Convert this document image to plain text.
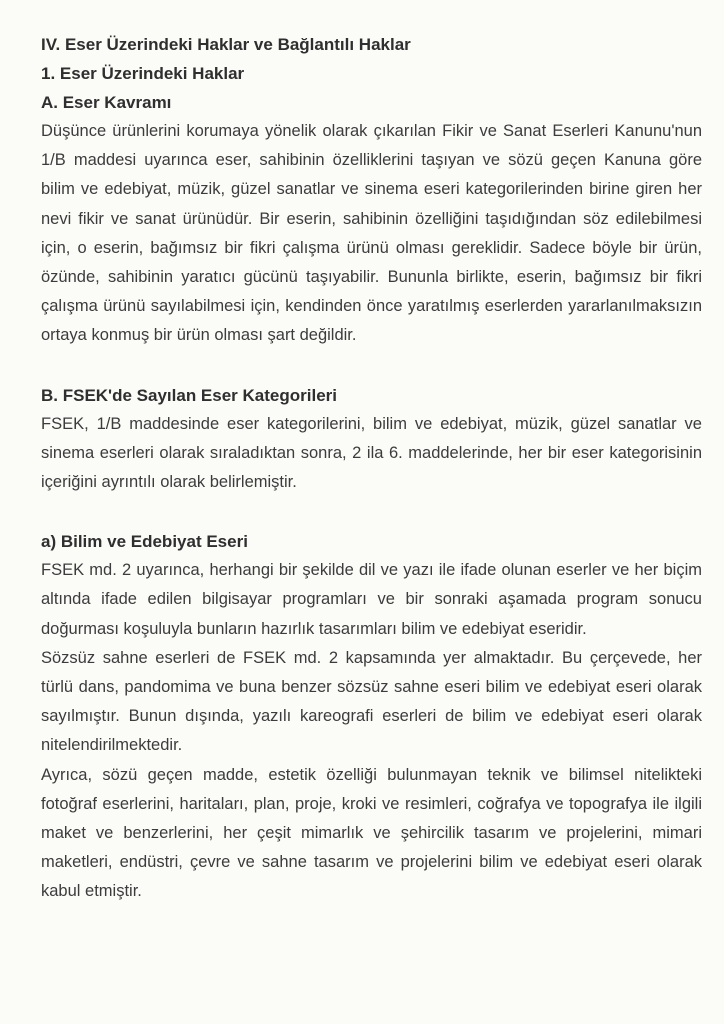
IV. Eser Üzerindeki Haklar ve Bağlantılı Haklar
1. Eser Üzerindeki Haklar
A. Eser Kavramı

Düşünce ürünlerini korumaya yönelik olarak çıkarılan Fikir ve Sanat Eserleri Kanunu'nun 1/B maddesi uyarınca eser, sahibinin özelliklerini taşıyan ve sözü geçen Kanuna göre bilim ve edebiyat, müzik, güzel sanatlar ve sinema eseri kategorilerinden birine giren her nevi fikir ve sanat ürünüdür. Bir eserin, sahibinin özelliğini taşıdığından söz edilebilmesi için, o eserin, bağımsız bir fikri çalışma ürünü olması gereklidir. Sadece böyle bir ürün, özünde, sahibinin yaratıcı gücünü taşıyabilir. Bununla birlikte, eserin, bağımsız bir fikri çalışma ürünü sayılabilmesi için, kendinden önce yaratılmış eserlerden yararlanılmaksızın ortaya konmuş bir ürün olması şart değildir.

B. FSEK'de Sayılan Eser Kategorileri

FSEK, 1/B maddesinde eser kategorilerini, bilim ve edebiyat, müzik, güzel sanatlar ve sinema eserleri olarak sıraladıktan sonra, 2 ila 6. maddelerinde, her bir eser kategorisinin içeriğini ayrıntılı olarak belirlemiştir.

a) Bilim ve Edebiyat Eseri

FSEK md. 2 uyarınca, herhangi bir şekilde dil ve yazı ile ifade olunan eserler ve her biçim altında ifade edilen bilgisayar programları ve bir sonraki aşamada program sonucu doğurması koşuluyla bunların hazırlık tasarımları bilim ve edebiyat eseridir.

Sözsüz sahne eserleri de FSEK md. 2 kapsamında yer almaktadır. Bu çerçevede, her türlü dans, pandomima ve buna benzer sözsüz sahne eseri bilim ve edebiyat eseri olarak sayılmıştır. Bunun dışında, yazılı kareografi eserleri de bilim ve edebiyat eseri olarak nitelendirilmektedir.

Ayrıca, sözü geçen madde, estetik özelliği bulunmayan teknik ve bilimsel nitelikteki fotoğraf eserlerini, haritaları, plan, proje, kroki ve resimleri, coğrafya ve topografya ile ilgili maket ve benzerlerini, her çeşit mimarlık ve şehircilik tasarım ve projelerini, mimari maketleri, endüstri, çevre ve sahne tasarım ve projelerini bilim ve edebiyat eseri olarak kabul etmiştir.
